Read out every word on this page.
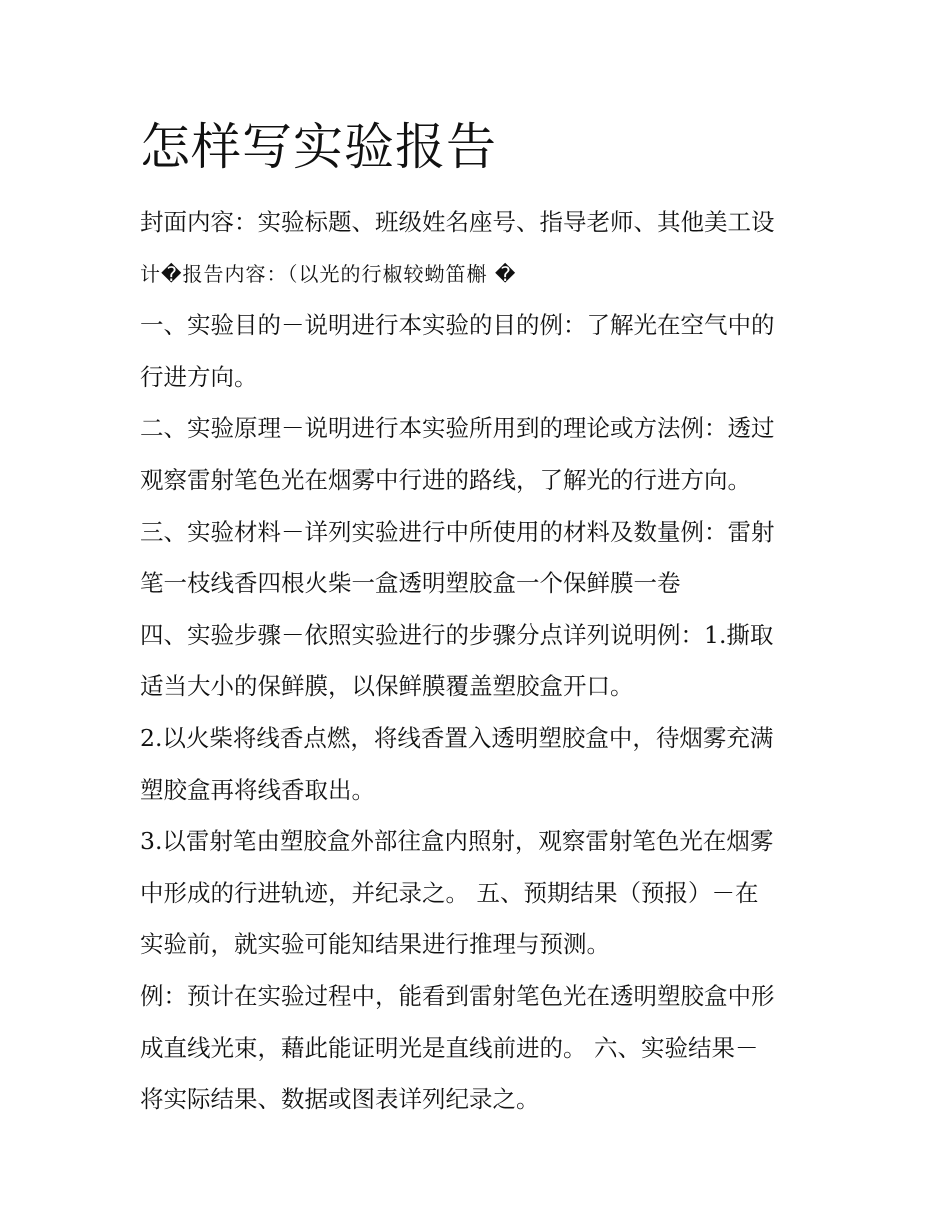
怎样写实验报告
封面内容：实验标题、班级姓名座号、指导老师、其他美工设
计�报告内容：（以光的行椒较蚴笛槲 �
一、实验目的－说明进行本实验的目的例：了解光在空气中的
行进方向。
二、实验原理－说明进行本实验所用到的理论或方法例：透过
观察雷射笔色光在烟雾中行进的路线，了解光的行进方向。
三、实验材料－详列实验进行中所使用的材料及数量例：雷射
笔一枝线香四根火柴一盒透明塑胶盒一个保鲜膜一卷
四、实验步骤－依照实验进行的步骤分点详列说明例：1.撕取
适当大小的保鲜膜，以保鲜膜覆盖塑胶盒开口。
2.以火柴将线香点燃，将线香置入透明塑胶盒中，待烟雾充满
塑胶盒再将线香取出。
3.以雷射笔由塑胶盒外部往盒内照射，观察雷射笔色光在烟雾
中形成的行进轨迹，并纪录之。 五、预期结果（预报）－在
实验前，就实验可能知结果进行推理与预测。
例：预计在实验过程中，能看到雷射笔色光在透明塑胶盒中形
成直线光束，藉此能证明光是直线前进的。 六、实验结果－
将实际结果、数据或图表详列纪录之。
